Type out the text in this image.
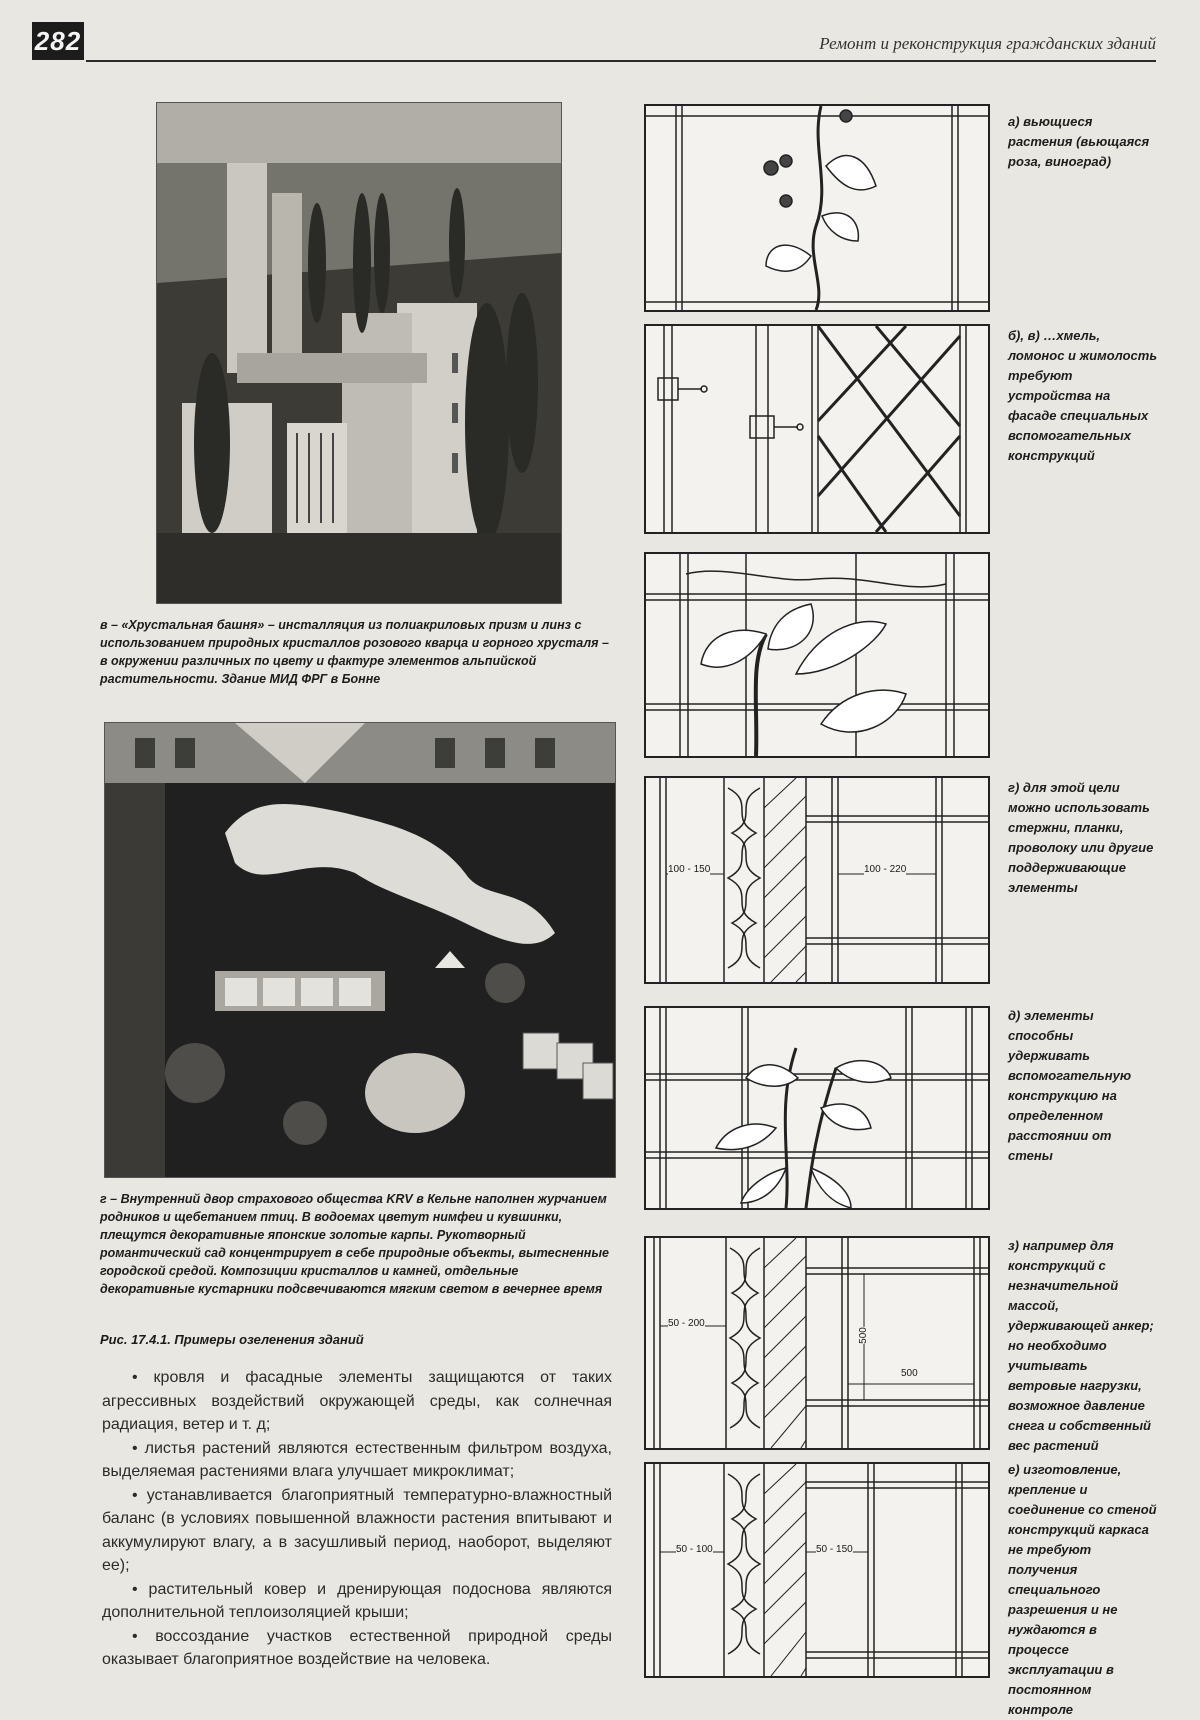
282	Ремонт и реконструкция гражданских зданий
в – «Хрустальная башня» – инсталляция из полиакриловых призм и линз с использованием природных кристаллов розового кварца и горного хрусталя – в окружении различных по цвету и фактуре элементов альпийской растительности. Здание МИД ФРГ в Бонне
г – Внутренний двор страхового общества KRV в Кельне наполнен журчанием родников и щебетанием птиц. В водоемах цветут нимфеи и кувшинки, плещутся декоративные японские золотые карпы. Рукотворный романтический сад концентрирует в себе природные объекты, вытесненные городской средой. Композиции кристаллов и камней, отдельные декоративные кустарники подсвечиваются мягким светом в вечернее время
Рис. 17.4.1. Примеры озеленения зданий

• кровля и фасадные элементы защищаются от таких агрессивных воздействий окружающей среды, как солнечная радиация, ветер и т. д;

• листья растений являются естественным фильтром воздуха, выделяемая растениями влага улучшает микроклимат;

• устанавливается благоприятный температурно-влажностный баланс (в условиях повышенной влажности растения впитывают и аккумулируют влагу, а в засушливый период, наоборот, выделяют ее);

• растительный ковер и дренирующая подоснова являются дополнительной теплоизоляцией крыши;

• воссоздание участков естественной природной среды оказывает благоприятное воздействие на человека.

а) вьющиеся растения (вьющаяся роза, виноград)
б), в) …хмель, ломонос и жимолость требуют устройства на фасаде специальных вспомогательных конструкций
100 - 150	100 - 220
г) для этой цели можно использовать стержни, планки, проволоку или другие поддерживающие элементы
д) элементы способны удерживать вспомогательную конструкцию на определенном расстоянии от стены
50 - 200
500
500
з) например для конструкций с незначительной массой, удерживающей анкер; но необходимо учитывать ветровые нагрузки, возможное давление снега и собственный вес растений
50 - 100	50 - 150
е) изготовление, крепление и соединение со стеной конструкций каркаса не требуют получения специального разрешения и не нуждаются в процессе эксплуатации в постоянном контроле
